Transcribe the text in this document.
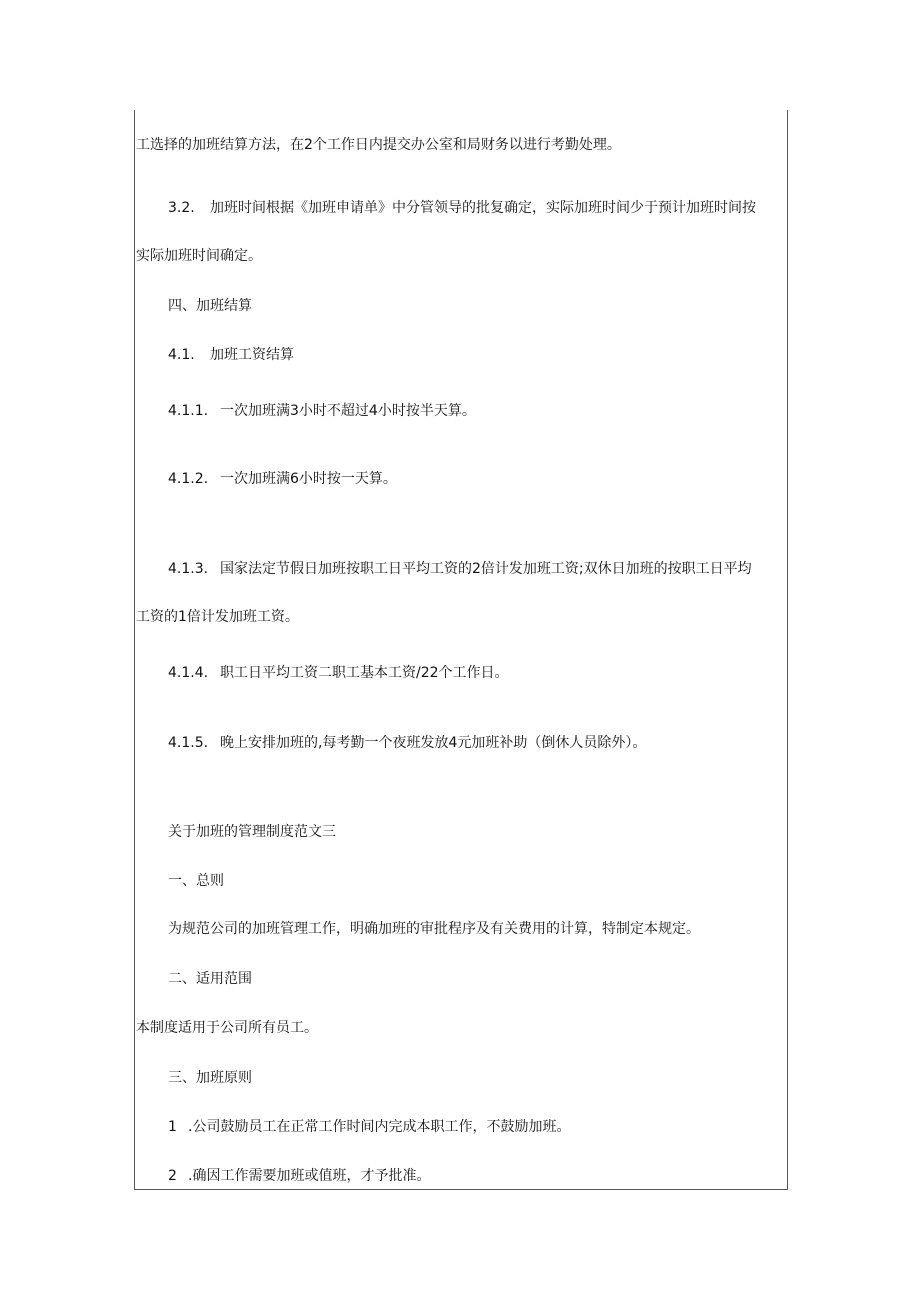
工选择的加班结算方法，在2个工作日内提交办公室和局财务以进行考勤处理。
3.2. 加班时间根据《加班申请单》中分管领导的批复确定，实际加班时间少于预计加班时间按
实际加班时间确定。
四、加班结算
4.1. 加班工资结算
4.1.1. 一次加班满3小时不超过4小时按半天算。
4.1.2. 一次加班满6小时按一天算。
4.1.3. 国家法定节假日加班按职工日平均工资的2倍计发加班工资;双休日加班的按职工日平均
工资的1倍计发加班工资。
4.1.4. 职工日平均工资二职工基本工资/22个工作日。
4.1.5. 晚上安排加班的,每考勤一个夜班发放4元加班补助（倒休人员除外）。
关于加班的管理制度范文三
一、总则
为规范公司的加班管理工作，明确加班的审批程序及有关费用的计算，特制定本规定。
二、适用范围
本制度适用于公司所有员工。
三、加班原则
1 .公司鼓励员工在正常工作时间内完成本职工作，不鼓励加班。
2 .确因工作需要加班或值班，才予批准。
